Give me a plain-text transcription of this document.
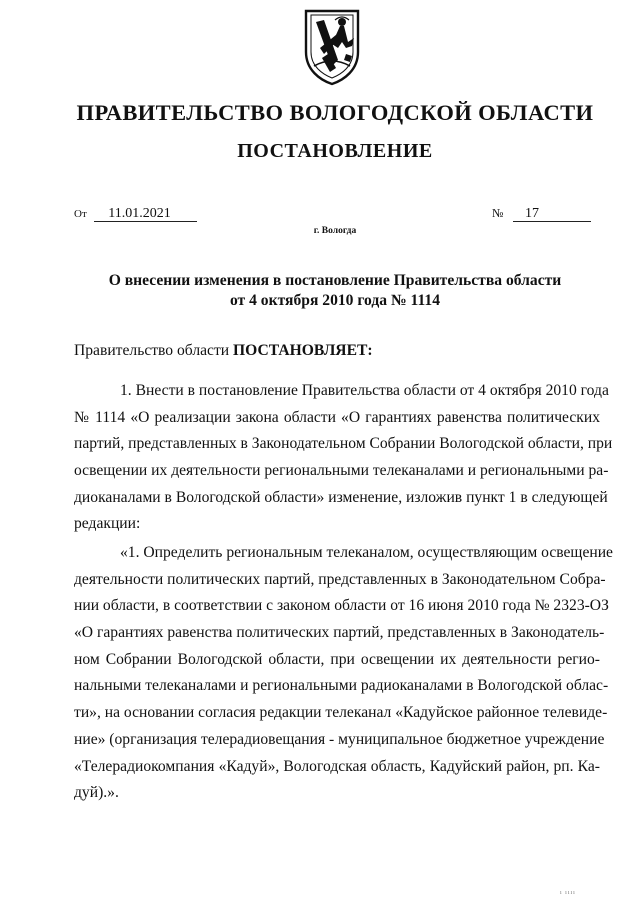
ПРАВИТЕЛЬСТВО ВОЛОГОДСКОЙ ОБЛАСТИ
ПОСТАНОВЛЕНИЕ
От 11.01.2021	№ 17
г. Вологда
О внесении изменения в постановление Правительства области
от 4 октября 2010 года № 1114
Правительство области ПОСТАНОВЛЯЕТ:
1. Внести в постановление Правительства области от 4 октября 2010 года
№ 1114 «О реализации закона области «О гарантиях равенства политических
партий, представленных в Законодательном Собрании Вологодской области, при
освещении их деятельности региональными телеканалами и региональными ра-
диоканалами в Вологодской области» изменение, изложив пункт 1 в следующей
редакции:
«1. Определить региональным телеканалом, осуществляющим освещение
деятельности политических партий, представленных в Законодательном Собра-
нии области, в соответствии с законом области от 16 июня 2010 года № 2323-ОЗ
«О гарантиях равенства политических партий, представленных в Законодатель-
ном Собрании Вологодской области, при освещении их деятельности регио-
нальными телеканалами и региональными радиоканалами в Вологодской облас-
ти», на основании согласия редакции телеканал «Кадуйское районное телевиде-
ние» (организация телерадиовещания - муниципальное бюджетное учреждение
«Телерадиокомпания «Кадуй», Вологодская область, Кадуйский район, рп. Ка-
дуй).».
ı ıııı
